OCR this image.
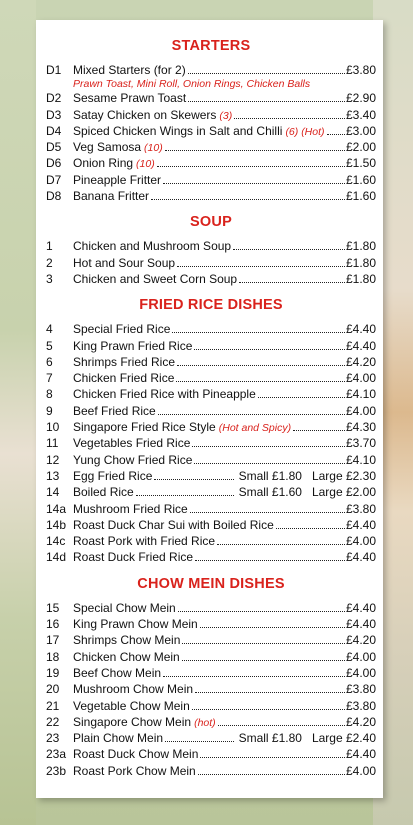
STARTERS
D1 Mixed Starters (for 2)	£3.80
Prawn Toast, Mini Roll, Onion Rings, Chicken Balls
D2 Sesame Prawn Toast	£2.90
D3 Satay Chicken on Skewers (3)	£3.40
D4 Spiced Chicken Wings in Salt and Chilli (6) (Hot) £3.00
D5 Veg Samosa (10)	£2.00
D6 Onion Ring (10)	£1.50
D7 Pineapple Fritter	£1.60
D8 Banana Fritter	£1.60
SOUP
1	Chicken and Mushroom Soup	£1.80
2	Hot and Sour Soup	£1.80
3	Chicken and Sweet Corn Soup	£1.80
FRIED RICE DISHES
4	Special Fried Rice	£4.40
5	King Prawn Fried Rice	£4.40
6	Shrimps Fried Rice	£4.20
7	Chicken Fried Rice	£4.00
8	Chicken Fried Rice with Pineapple	£4.10
9	Beef Fried Rice	£4.00
10	Singapore Fried Rice Style (Hot and Spicy)	£4.30
11	Vegetables Fried Rice	£3.70
12	Yung Chow Fried Rice	£4.10
13	Egg Fried Rice	Small £1.80 Large £2.30
14	Boiled Rice	Small £1.60 Large £2.00
14a Mushroom Fried Rice	£3.80
14b Roast Duck Char Sui with Boiled Rice	£4.40
14c Roast Pork with Fried Rice	£4.00
14d Roast Duck Fried Rice	£4.40
CHOW MEIN DISHES
15	Special Chow Mein	£4.40
16	King Prawn Chow Mein	£4.40
17	Shrimps Chow Mein	£4.20
18	Chicken Chow Mein	£4.00
19	Beef Chow Mein	£4.00
20	Mushroom Chow Mein	£3.80
21	Vegetable Chow Mein	£3.80
22	Singapore Chow Mein (hot)	£4.20
23	Plain Chow Mein	Small £1.80 Large £2.40
23a Roast Duck Chow Mein	£4.40
23b Roast Pork Chow Mein	£4.00
